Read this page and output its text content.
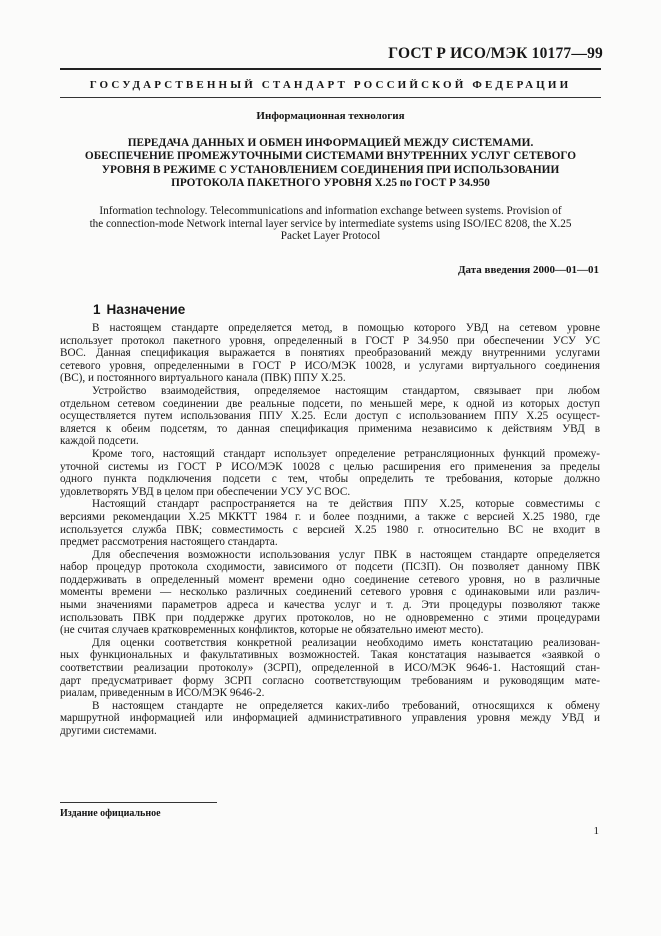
ГОСТ Р ИСО/МЭК 10177—99
ГОСУДАРСТВЕННЫЙ СТАНДАРТ РОССИЙСКОЙ ФЕДЕРАЦИИ
Информационная технология
ПЕРЕДАЧА ДАННЫХ И ОБМЕН ИНФОРМАЦИЕЙ МЕЖДУ СИСТЕМАМИ.
ОБЕСПЕЧЕНИЕ ПРОМЕЖУТОЧНЫМИ СИСТЕМАМИ ВНУТРЕННИХ УСЛУГ СЕТЕВОГО
УРОВНЯ В РЕЖИМЕ С УСТАНОВЛЕНИЕМ СОЕДИНЕНИЯ ПРИ ИСПОЛЬЗОВАНИИ
ПРОТОКОЛА ПАКЕТНОГО УРОВНЯ X.25 по ГОСТ Р 34.950
Information technology. Telecommunications and information exchange between systems. Provision of
the connection-mode Network internal layer service by intermediate systems using ISO/IEC 8208, the X.25
Packet Layer Protocol
Дата введения 2000—01—01
1 Назначение

В настоящем стандарте определяется метод, в помощью которого УВД на сетевом уровне
использует протокол пакетного уровня, определенный в ГОСТ Р 34.950 при обеспечении УСУ УС
ВОС. Данная спецификация выражается в понятиях преобразований между внутренними услугами
сетевого уровня, определенными в ГОСТ Р ИСО/МЭК 10028, и услугами виртуального соединения
(ВС), и постоянного виртуального канала (ПВК) ППУ Х.25.

Устройство взаимодействия, определяемое настоящим стандартом, связывает при любом
отдельном сетевом соединении две реальные подсети, по меньшей мере, к одной из которых доступ
осуществляется путем использования ППУ Х.25. Если доступ с использованием ППУ Х.25 осущест-
вляется к обеим подсетям, то данная спецификация применима независимо к действиям УВД в
каждой подсети.

Кроме того, настоящий стандарт использует определение ретрансляционных функций промежу-
уточной системы из ГОСТ Р ИСО/МЭК 10028 с целью расширения его применения за пределы
одного пункта подключения подсети с тем, чтобы определить те требования, которые должно
удовлетворять УВД в целом при обеспечении УСУ УС ВОС.

Настоящий стандарт распространяется на те действия ППУ Х.25, которые совместимы с
версиями рекомендации Х.25 МККТТ 1984 г. и более поздними, а также с версией Х.25 1980, где
используется служба ПВК; совместимость с версией Х.25 1980 г. относительно ВС не входит в
предмет рассмотрения настоящего стандарта.

Для обеспечения возможности использования услуг ПВК в настоящем стандарте определяется
набор процедур протокола сходимости, зависимого от подсети (ПСЗП). Он позволяет данному ПВК
поддерживать в определенный момент времени одно соединение сетевого уровня, но в различные
моменты времени — несколько различных соединений сетевого уровня с одинаковыми или различ-
ными значениями параметров адреса и качества услуг и т. д. Эти процедуры позволяют также
использовать ПВК при поддержке других протоколов, но не одновременно с этими процедурами
(не считая случаев кратковременных конфликтов, которые не обязательно имеют место).

Для оценки соответствия конкретной реализации необходимо иметь констатацию реализован-
ных функциональных и факультативных возможностей. Такая констатация называется «заявкой о
соответствии реализации протоколу» (ЗСРП), определенной в ИСО/МЭК 9646-1. Настоящий стан-
дарт предусматривает форму ЗСРП согласно соответствующим требованиям и руководящим мате-
риалам, приведенным в ИСО/МЭК 9646-2.

В настоящем стандарте не определяется каких-либо требований, относящихся к обмену
маршрутной информацией или информацией административного управления уровня между УВД и
другими системами.

Издание официальное
1
